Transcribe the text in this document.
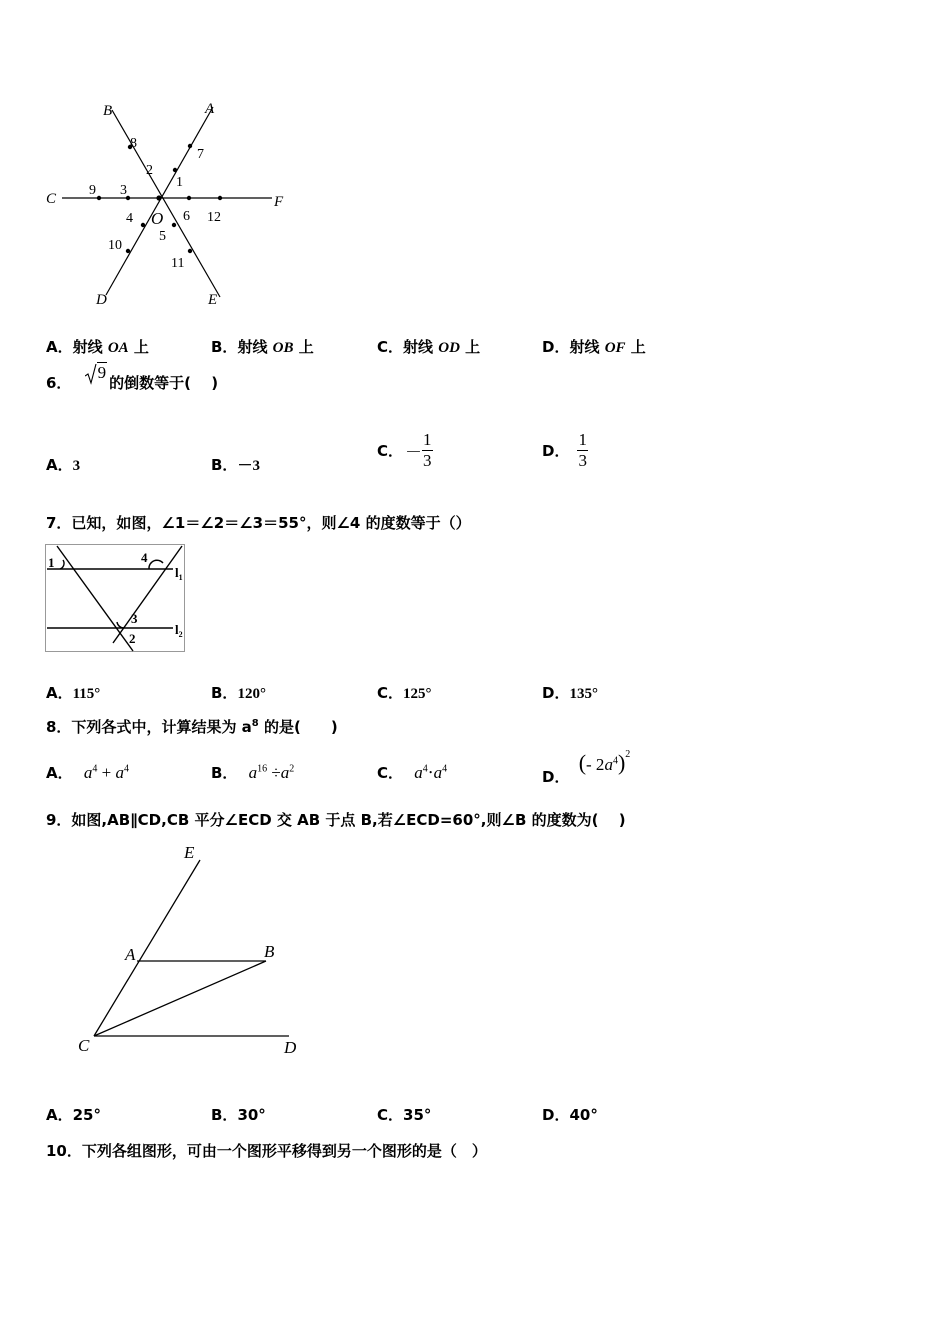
B	A
C	F
D	E
O
8
7
2
1
9 3
4	6 12
5
10
11
A．射线 OA 上	B．射线 OB 上	C．射线 OD 上	D．射线 OF 上
6． 9的倒数等于(　 )
A．3	B．－3
C． － $\frac{1}{3}$	D． $\frac{1}{3}$
7．已知，如图，∠1＝∠2＝∠3＝55°，则∠4 的度数等于（）
1	4
3
2
$l_1$
$l_2$
A．115°	B．120°	C．125°	D．135°
8．下列各式中，计算结果为 $a^8$ 的是(　　)
A． $a^4 + a^4$	B． $a^{16} \div a^2$	C． $a^4\cdot a^4$	D． (- $2a^4)^2$
9．如图,AB∥CD,CB 平分∠ECD 交 AB 于点 B,若∠ECD=60°,则∠B 的度数为(　 )
E
A	B
C	D
A．25°	B．30°	C．35°	D．40°
10．下列各组图形，可由一个图形平移得到另一个图形的是（　）
